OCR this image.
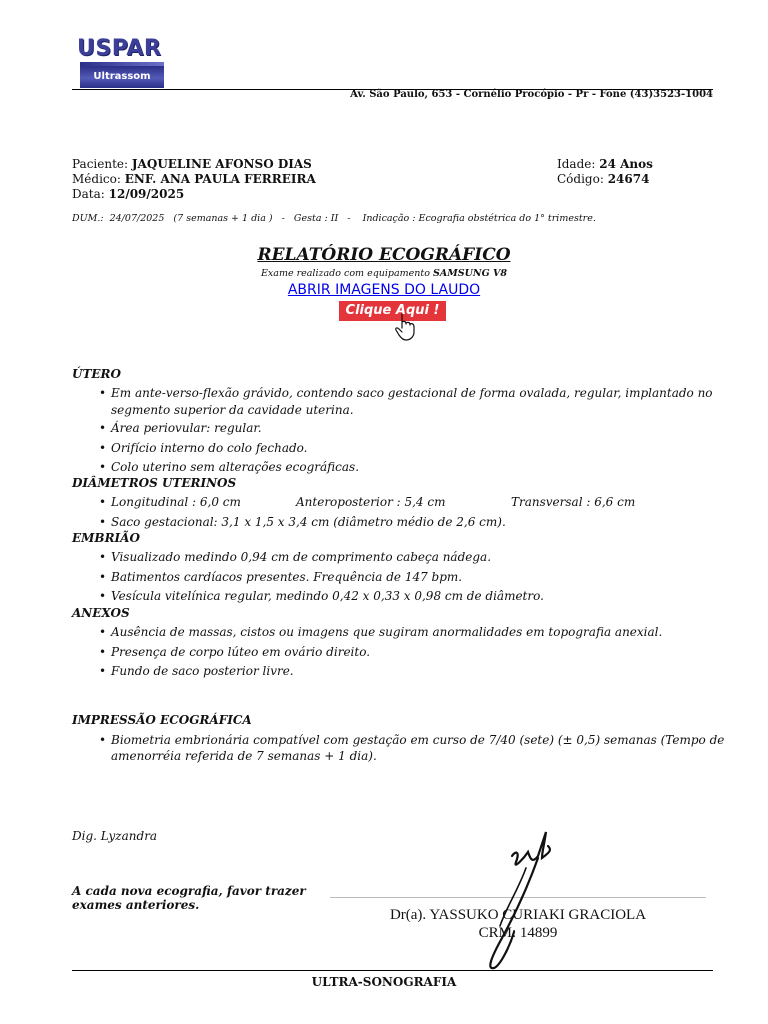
USPAR
Ultrassom
Av. São Paulo, 653 - Cornélio Procópio - Pr - Fone (43)3523-1004
Paciente: JAQUELINE AFONSO DIAS
Médico: ENF. ANA PAULA FERREIRA
Data: 12/09/2025
Idade: 24 Anos
Código: 24674
DUM.:  24/07/2025   (7 semanas + 1 dia )   -   Gesta : II   -    Indicação : Ecografia obstétrica do 1° trimestre.
RELATÓRIO ECOGRÁFICO
Exame realizado com equipamento SAMSUNG V8
ABRIR IMAGENS DO LAUDO
Clique Aqui !
ÚTERO
• Em ante-verso-flexão grávido, contendo saco gestacional de forma ovalada, regular, implantado no
segmento superior da cavidade uterina.
• Área periovular: regular.
• Orifício interno do colo fechado.
• Colo uterino sem alterações ecográficas.
DIÂMETROS UTERINOS
• Longitudinal : 6,0 cm	Anteroposterior : 5,4 cm	Transversal : 6,6 cm
• Saco gestacional: 3,1 x 1,5 x 3,4 cm (diâmetro médio de 2,6 cm).
EMBRIÃO
• Visualizado medindo 0,94 cm de comprimento cabeça nádega.
• Batimentos cardíacos presentes. Frequência de 147 bpm.
• Vesícula vitelínica regular, medindo 0,42 x 0,33 x 0,98 cm de diâmetro.
ANEXOS
• Ausência de massas, cistos ou imagens que sugiram anormalidades em topografia anexial.
• Presença de corpo lúteo em ovário direito.
• Fundo de saco posterior livre.
IMPRESSÃO ECOGRÁFICA
• Biometria embrionária compatível com gestação em curso de 7/40 (sete) (± 0,5) semanas (Tempo de
amenorréia referida de 7 semanas + 1 dia).
Dig. Lyzandra
A cada nova ecografia, favor trazer
exames anteriores.
Dr(a). YASSUKO CURIAKI GRACIOLA
CRM: 14899
ULTRA-SONOGRAFIA
